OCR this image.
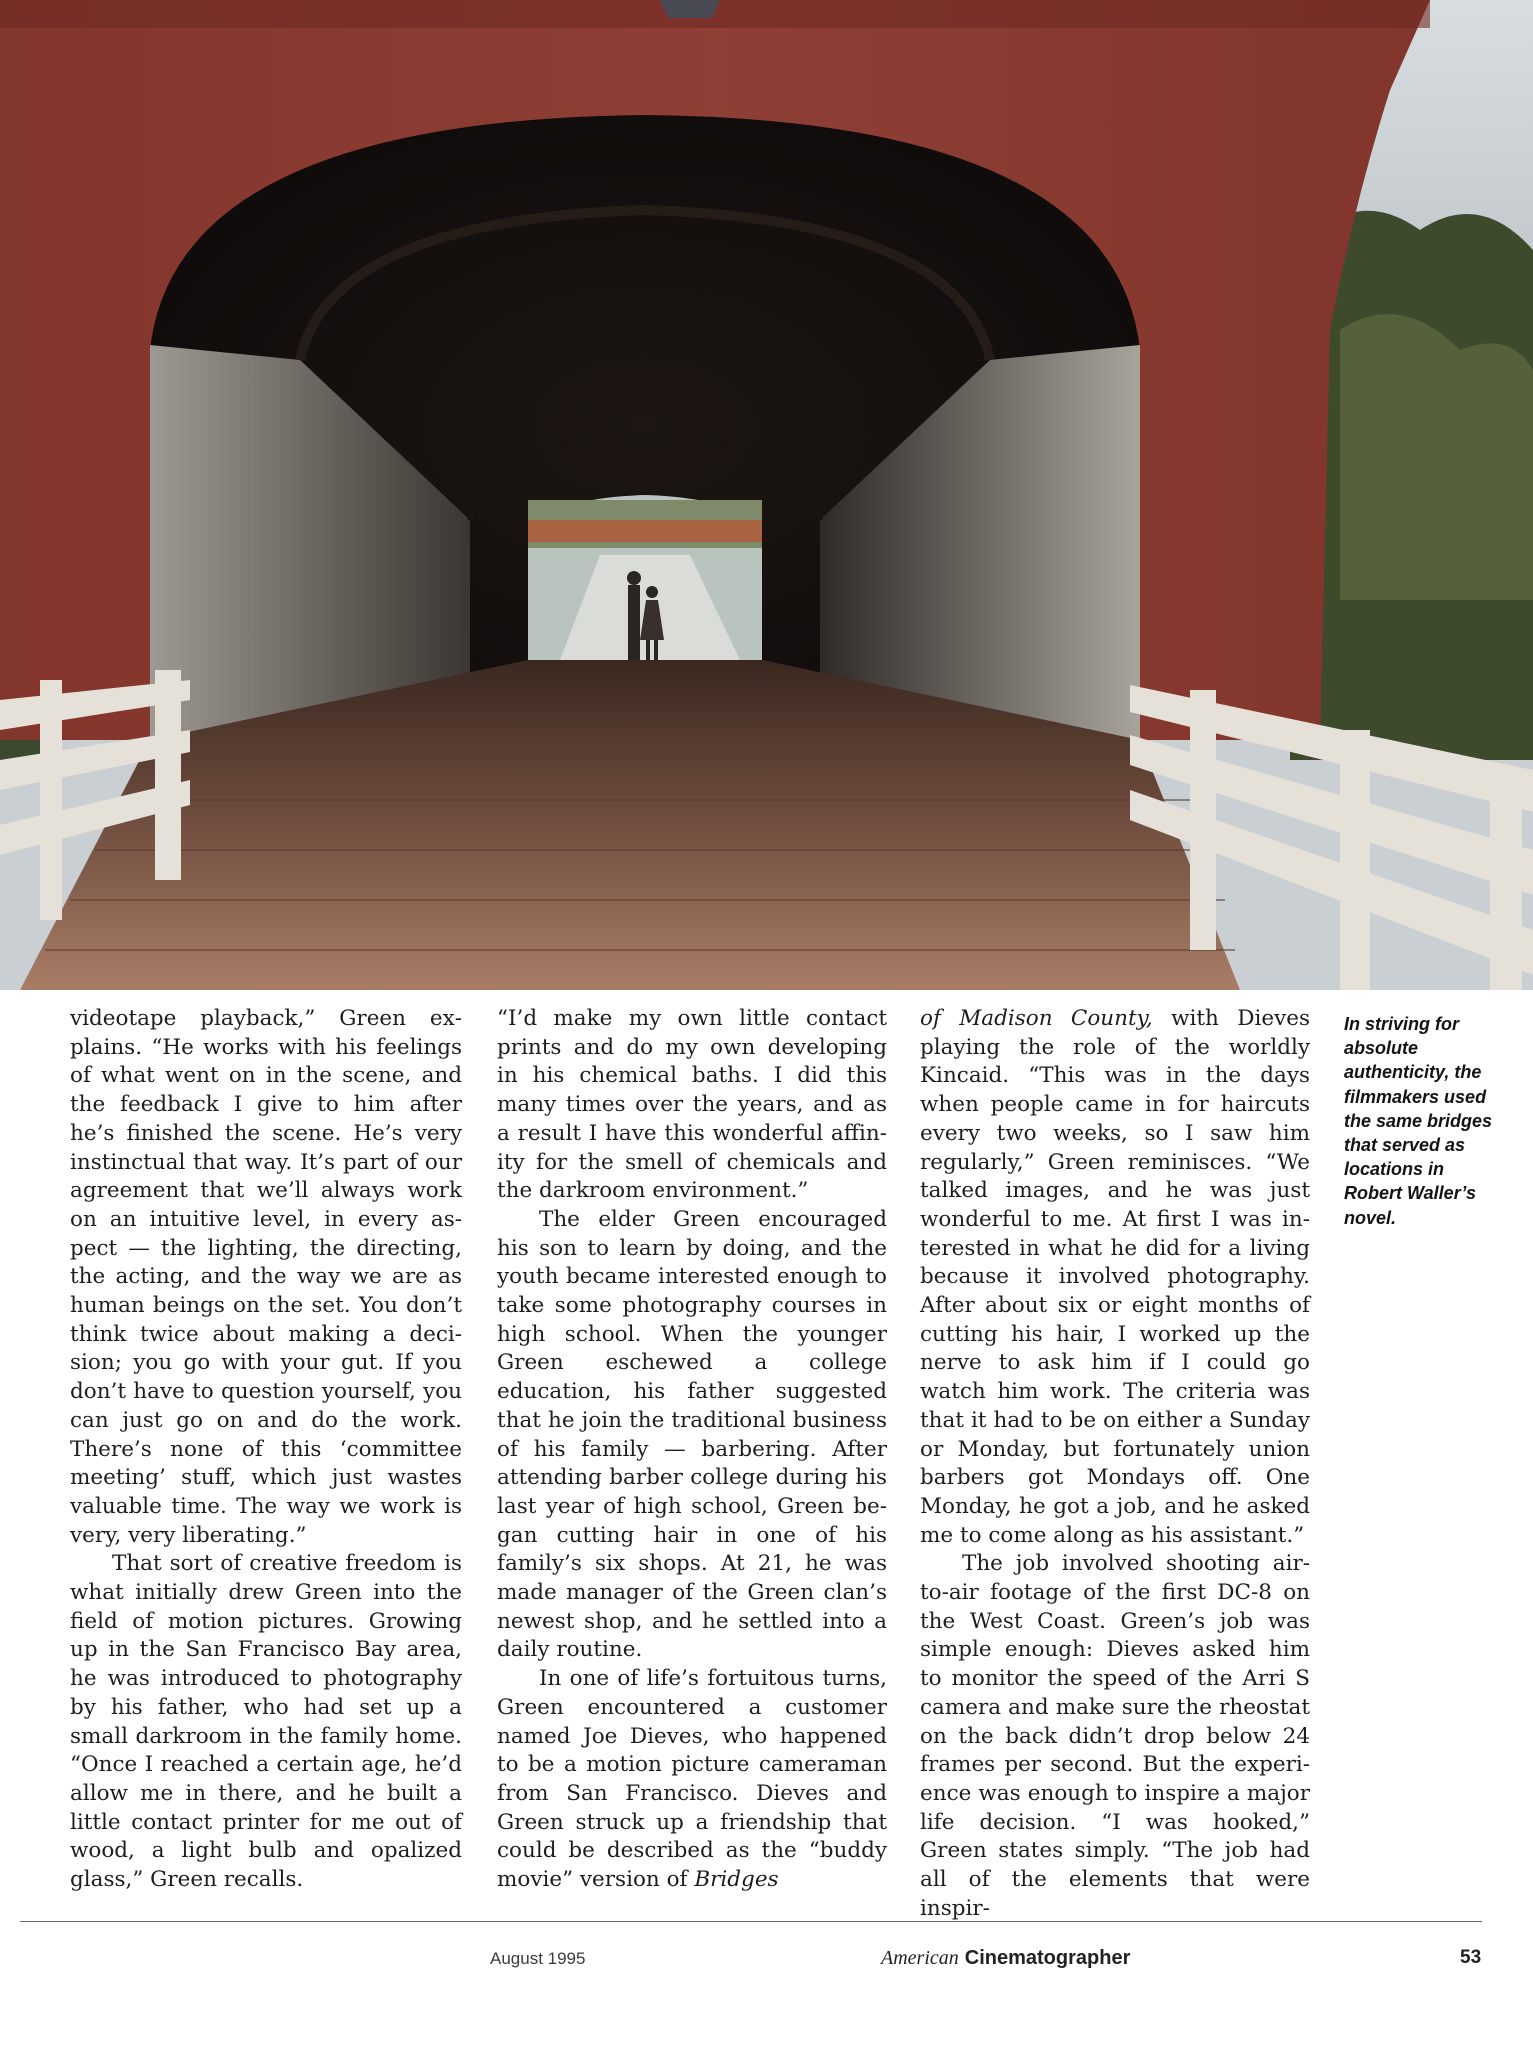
videotape playback,” Green explains. “He works with his feelings of what went on in the scene, and the feedback I give to him after he’s finished the scene. He’s very instinctual that way. It’s part of our agreement that we’ll always work on an intuitive level, in every aspect — the lighting, the directing, the acting, and the way we are as human beings on the set. You don’t think twice about making a decision; you go with your gut. If you don’t have to question yourself, you can just go on and do the work. There’s none of this ‘committee meeting’ stuff, which just wastes valuable time. The way we work is very, very liberating.”

That sort of creative freedom is what initially drew Green into the field of motion pictures. Growing up in the San Francisco Bay area, he was introduced to photography by his father, who had set up a small darkroom in the family home. “Once I reached a certain age, he’d allow me in there, and he built a little contact printer for me out of wood, a light bulb and opalized glass,” Green recalls.

“I’d make my own little contact prints and do my own developing in his chemical baths. I did this many times over the years, and as a result I have this wonderful affinity for the smell of chemicals and the darkroom environment.”

The elder Green encouraged his son to learn by doing, and the youth became interested enough to take some photography courses in high school. When the younger Green eschewed a college education, his father suggested that he join the traditional business of his family — barbering. After attending barber college during his last year of high school, Green began cutting hair in one of his family’s six shops. At 21, he was made manager of the Green clan’s newest shop, and he settled into a daily routine.

In one of life’s fortuitous turns, Green encountered a customer named Joe Dieves, who happened to be a motion picture cameraman from San Francisco. Dieves and Green struck up a friendship that could be described as the “buddy movie” version of Bridges

of Madison County, with Dieves playing the role of the worldly Kincaid. “This was in the days when people came in for haircuts every two weeks, so I saw him regularly,” Green reminisces. “We talked images, and he was just wonderful to me. At first I was interested in what he did for a living because it involved photography. After about six or eight months of cutting his hair, I worked up the nerve to ask him if I could go watch him work. The criteria was that it had to be on either a Sunday or Monday, but fortunately union barbers got Mondays off. One Monday, he got a job, and he asked me to come along as his assistant.”

The job involved shooting air-to-air footage of the first DC-8 on the West Coast. Green’s job was simple enough: Dieves asked him to monitor the speed of the Arri S camera and make sure the rheostat on the back didn’t drop below 24 frames per second. But the experience was enough to inspire a major life decision. “I was hooked,” Green states simply. “The job had all of the elements that were inspir-

In striving for absolute authenticity, the filmmakers used the same bridges that served as locations in Robert Waller’s novel.
August 1995	American Cinematographer	53
